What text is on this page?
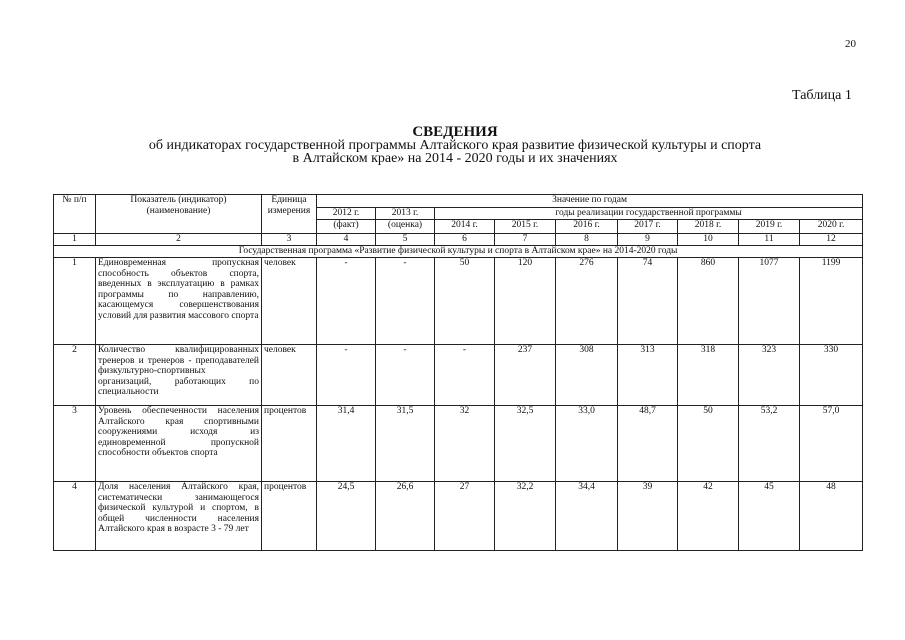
20
Таблица 1
СВЕДЕНИЯ
об индикаторах государственной программы Алтайского края развитие физической культуры и спорта
в Алтайском крае» на 2014 - 2020 годы и их значениях
№ п/п	Показатель (индикатор) (наименование)	Единица измерения	Значение по годам								
			2012 г.	2013 г.	годы реализации государственной программы						
			(факт)	(оценка)	2014 г.	2015 г.	2016 г.	2017 г.	2018 г.	2019 г.	2020 г.
1	2	3	4	5	6	7	8	9	10	11	12
Государственная программа «Развитие физической культуры и спорта в Алтайском крае» на 2014-2020 годы											
1	Единовременная пропускная способность объектов спорта, введенных в эксплуатацию в рамках программы по направлению, касающемуся совершенствования условий для развития массового спорта	человек	-	-	50	120	276	74	860	1077	1199
2	Количество квалифицированных тренеров и тренеров - преподавателей физкультурно-спортивных организаций, работающих по специальности	человек	-	-	-	237	308	313	318	323	330
3	Уровень обеспеченности населения Алтайского края спортивными сооружениями исходя из единовременной пропускной способности объектов спорта	процентов	31,4	31,5	32	32,5	33,0	48,7	50	53,2	57,0
4	Доля населения Алтайского края, систематически занимающегося физической культурой и спортом, в общей численности населения Алтайского края в возрасте 3 - 79 лет	процентов	24,5	26,6	27	32,2	34,4	39	42	45	48
